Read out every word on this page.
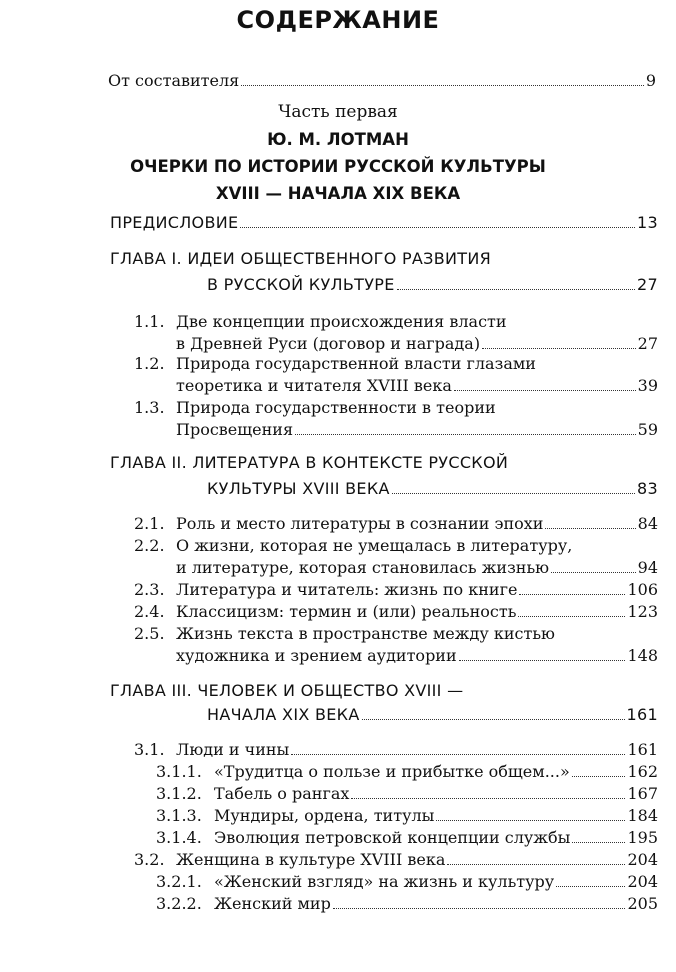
СОДЕРЖАНИЕ
От составителя	9
Часть первая
Ю. М. ЛОТМАН
ОЧЕРКИ ПО ИСТОРИИ РУССКОЙ КУЛЬТУРЫ
XVIII — НАЧАЛА XIX ВЕКА
ПРЕДИСЛОВИЕ	13
ГЛАВА I. ИДЕИ ОБЩЕСТВЕННОГО РАЗВИТИЯ
В РУССКОЙ КУЛЬТУРЕ	27
1.1. Две концепции происхождения власти
в Древней Руси (договор и награда)	27
1.2. Природа государственной власти глазами
теоретика и читателя XVIII века	39
1.3. Природа государственности в теории
Просвещения	59
ГЛАВА II. ЛИТЕРАТУРА В КОНТЕКСТЕ РУССКОЙ
КУЛЬТУРЫ XVIII ВЕКА	83
2.1. Роль и место литературы в сознании эпохи	84
2.2. О жизни, которая не умещалась в литературу,
и литературе, которая становилась жизнью	94
2.3. Литература и читатель: жизнь по книге	106
2.4. Классицизм: термин и (или) реальность	123
2.5. Жизнь текста в пространстве между кистью
художника и зрением аудитории	148
ГЛАВА III. ЧЕЛОВЕК И ОБЩЕСТВО XVIII —
НАЧАЛА XIX ВЕКА	161
3.1. Люди и чины	161
3.1.1. «Трудитца о пользе и прибытке общем...»	162
3.1.2. Табель о рангах	167
3.1.3. Мундиры, ордена, титулы	184
3.1.4. Эволюция петровской концепции службы	195
3.2. Женщина в культуре XVIII века	204
3.2.1. «Женский взгляд» на жизнь и культуру	204
3.2.2. Женский мир	205
